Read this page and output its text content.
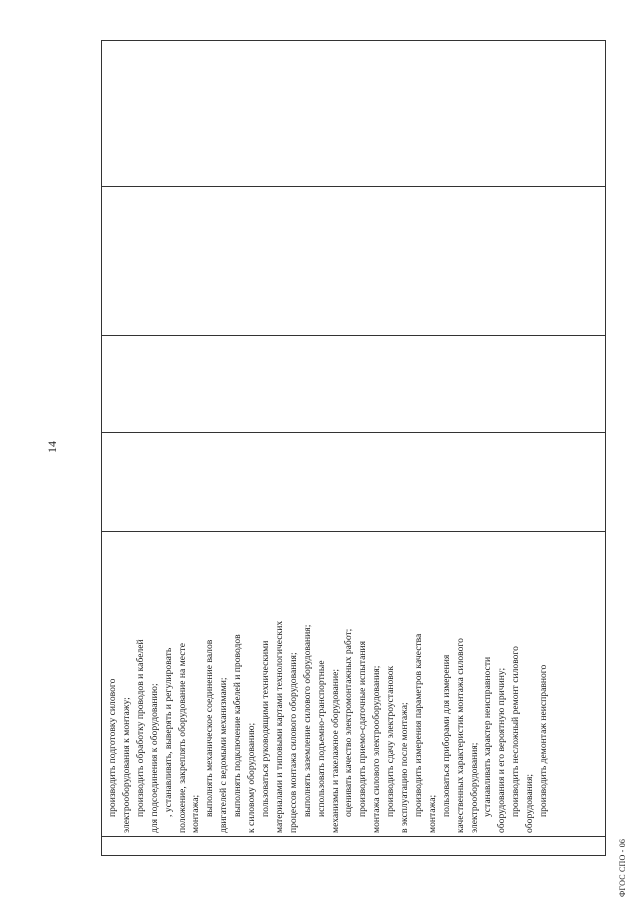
14

производить подготовку силового электрооборудования к монтажу; производить обработку проводов и кабелей для подсоединения к оборудованию; , устанавливать, выверять и регулировать положение, закреплять оборудование на месте монтажа; выполнять механическое соединение валов двигателей с ведомыми механизмами; выполнять подключение кабелей и проводов к силовому оборудованию; пользоваться руководящими техническими материалами и типовыми картами технологических процессов монтажа силового оборудования; выполнять заземление силового оборудования; использовать подъемно-транспортные механизмы и такелажное оборудование; оценивать качество электромонтажных работ; производить приемо-сдаточные испытания монтажа силового электрооборудования; производить сдачу электроустановок в эксплуатацию после монтажа; производить измерения параметров качества монтажа; пользоваться приборами для измерения качественных характеристик монтажа силового электрооборудования; устанавливать характер неисправности оборудования и его вероятную причину; производить несложный ремонт силового оборудования; производить демонтаж неисправного

ФГОС СПО - 06
